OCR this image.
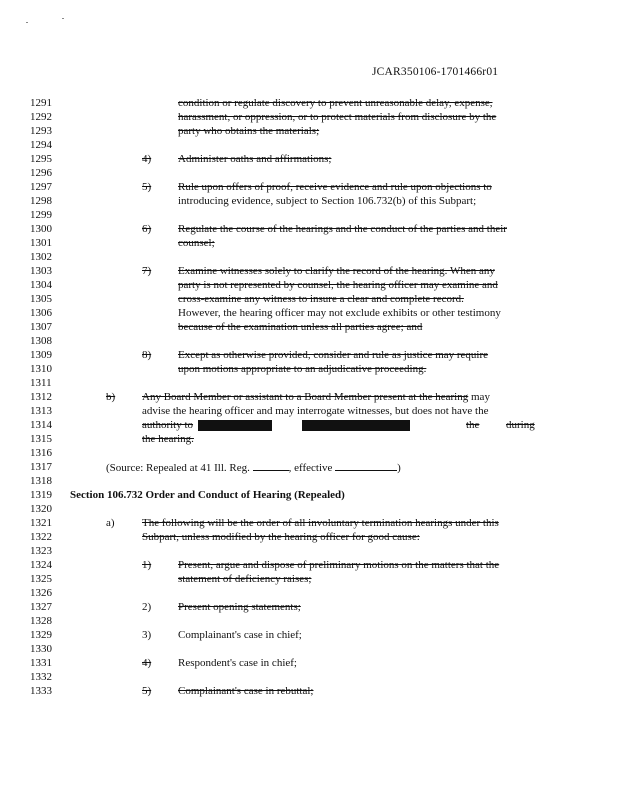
JCAR350106-1701466r01
1291
1292
1293
1294
1295
1296
1297
1298
1299
1300
1301
1302
1303
1304
1305
1306
1307
1308
1309
1310
1311
1312
1313
1314
1315
1316
1317
1318
1319
1320
1321
1322
1323
1324
1325
1326
1327
1328
1329
1330
1331
1332
1333
condition or regulate discovery to prevent unreasonable delay, expense,
harassment, or oppression, or to protect materials from disclosure by the
party who obtains the materials;
4) Administer oaths and affirmations;
5) Rule upon offers of proof, receive evidence and rule upon objections to
introducing evidence, subject to Section 106.732(b) of this Subpart;
6) Regulate the course of the hearings and the conduct of the parties and their
counsel;
7) Examine witnesses solely to clarify the record of the hearing. When any
party is not represented by counsel, the hearing officer may examine and
cross-examine any witness to insure a clear and complete record.
However, the hearing officer may not exclude exhibits or other testimony
because of the examination unless all parties agree; and
8) Except as otherwise provided, consider and rule as justice may require
upon motions appropriate to an adjudicative proceeding.
b) Any Board Member or assistant to a Board Member present at the hearing may
advise the hearing officer and may interrogate witnesses, but does not have the
authority to	the during
the hearing.
(Source: Repealed at 41 Ill. Reg.	, effective	)
Section 106.732 Order and Conduct of Hearing (Repealed)
a) The following will be the order of all involuntary termination hearings under this
Subpart, unless modified by the hearing officer for good cause:
1) Present, argue and dispose of preliminary motions on the matters that the
statement of deficiency raises;
2) Present opening statements;
3) Complainant's case in chief;
4) Respondent's case in chief;
5) Complainant's case in rebuttal;
